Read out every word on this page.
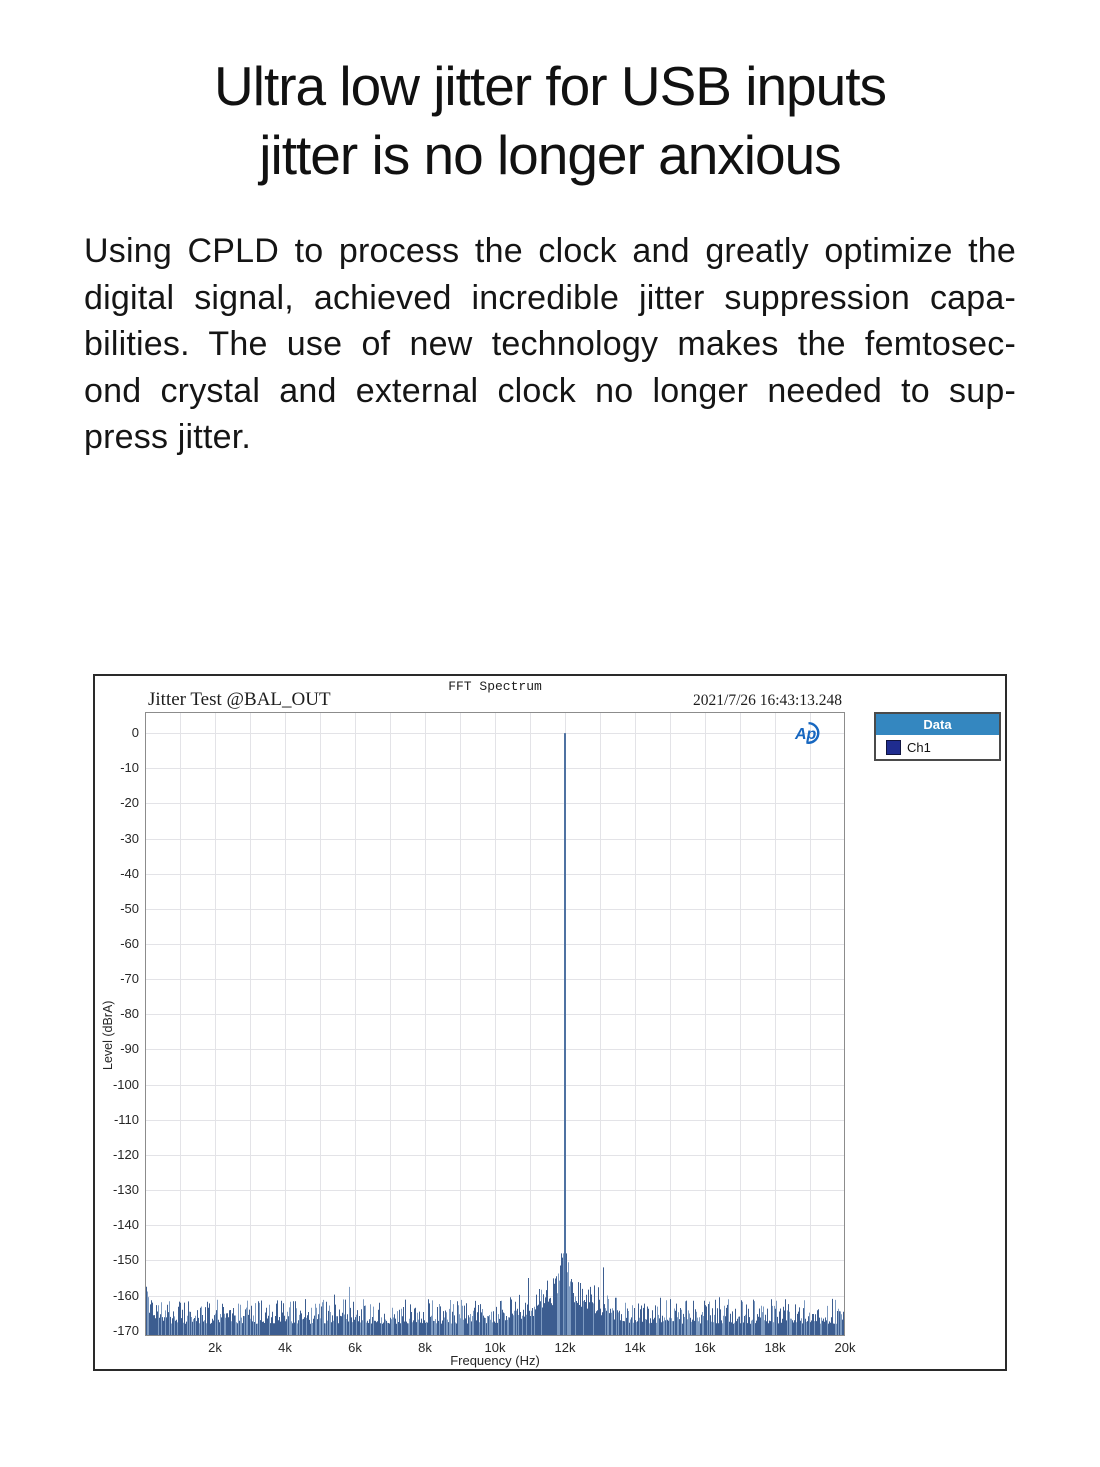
Ultra low jitter for USB inputs
jitter is no longer anxious
Using CPLD to process the clock and greatly optimize the
digital signal, achieved incredible jitter suppression capa-
bilities. The use of new technology makes the femtosec-
ond crystal and external clock no longer needed to sup-
press jitter.
FFT Spectrum
Jitter Test @BAL_OUT	2021/7/26 16:43:13.248
Ap
Level (dBrA)
Frequency (Hz)
Data
Ch1
0
-10
-20
-30
-40
-50
-60
-70
-80
-90
-100
-110
-120
-130
-140
-150
-160
-170
2k	4k	6k	8k	10k	12k	14k	16k	18k	20k
